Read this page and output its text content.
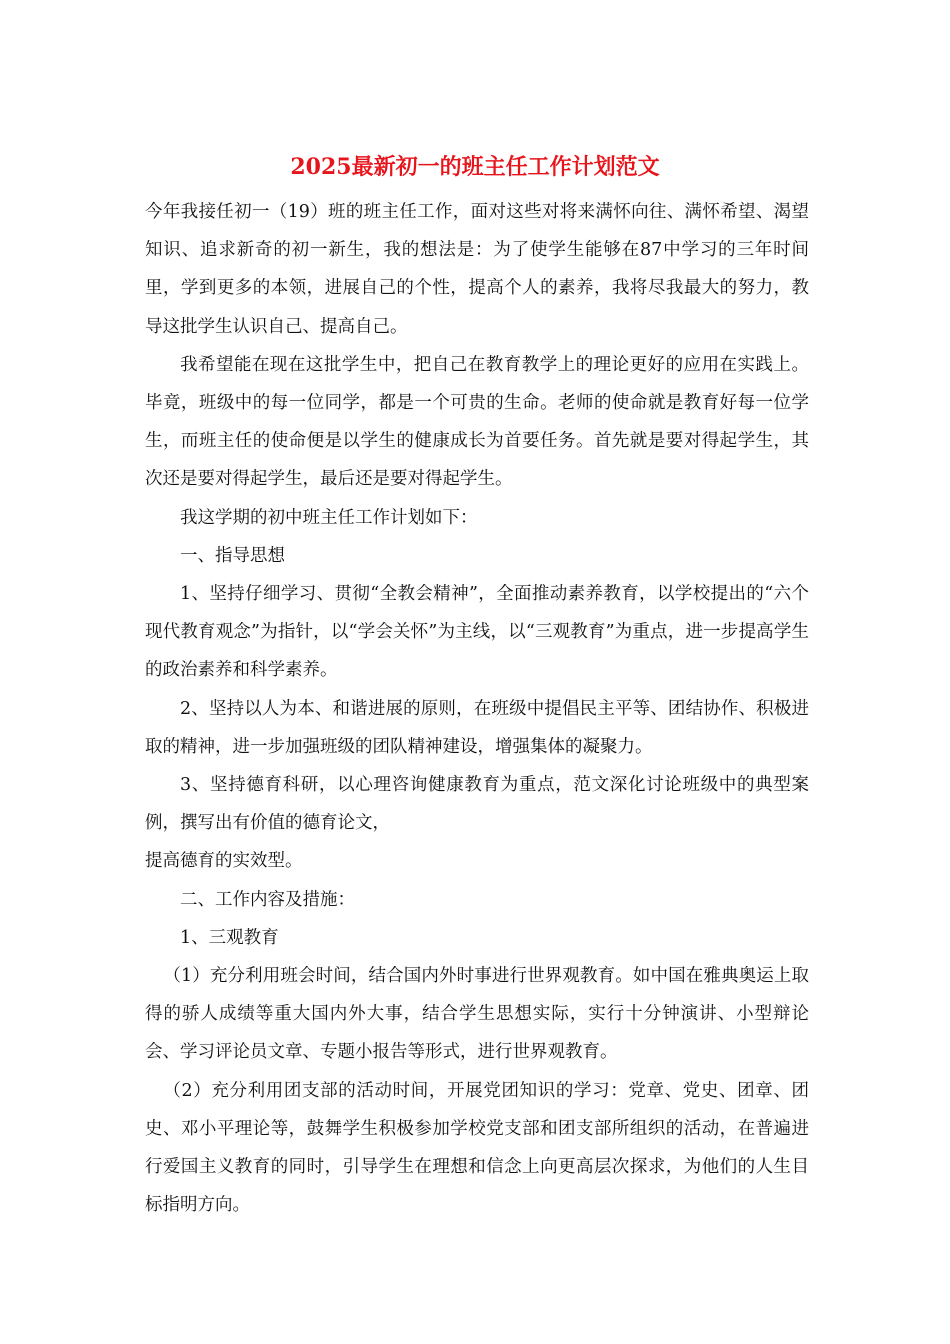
2025最新初一的班主任工作计划范文

今年我接任初一（19）班的班主任工作，面对这些对将来满怀向往、满怀希望、渴望知识、追求新奇的初一新生，我的想法是：为了使学生能够在87中学习的三年时间里，学到更多的本领，进展自己的个性，提高个人的素养，我将尽我最大的努力，教导这批学生认识自己、提高自己。

我希望能在现在这批学生中，把自己在教育教学上的理论更好的应用在实践上。毕竟，班级中的每一位同学，都是一个可贵的生命。老师的使命就是教育好每一位学生，而班主任的使命便是以学生的健康成长为首要任务。首先就是要对得起学生，其次还是要对得起学生，最后还是要对得起学生。

我这学期的初中班主任工作计划如下：

一、指导思想

1、坚持仔细学习、贯彻“全教会精神”，全面推动素养教育，以学校提出的“六个现代教育观念”为指针，以“学会关怀”为主线，以“三观教育”为重点，进一步提高学生的政治素养和科学素养。

2、坚持以人为本、和谐进展的原则，在班级中提倡民主平等、团结协作、积极进取的精神，进一步加强班级的团队精神建设，增强集体的凝聚力。

3、坚持德育科研，以心理咨询健康教育为重点，范文深化讨论班级中的典型案例，撰写出有价值的德育论文，

提高德育的实效型。

二、工作内容及措施：

1、三观教育

（1）充分利用班会时间，结合国内外时事进行世界观教育。如中国在雅典奥运上取得的骄人成绩等重大国内外大事，结合学生思想实际，实行十分钟演讲、小型辩论会、学习评论员文章、专题小报告等形式，进行世界观教育。

（2）充分利用团支部的活动时间，开展党团知识的学习：党章、党史、团章、团史、邓小平理论等，鼓舞学生积极参加学校党支部和团支部所组织的活动，在普遍进行爱国主义教育的同时，引导学生在理想和信念上向更高层次探求，为他们的人生目标指明方向。
